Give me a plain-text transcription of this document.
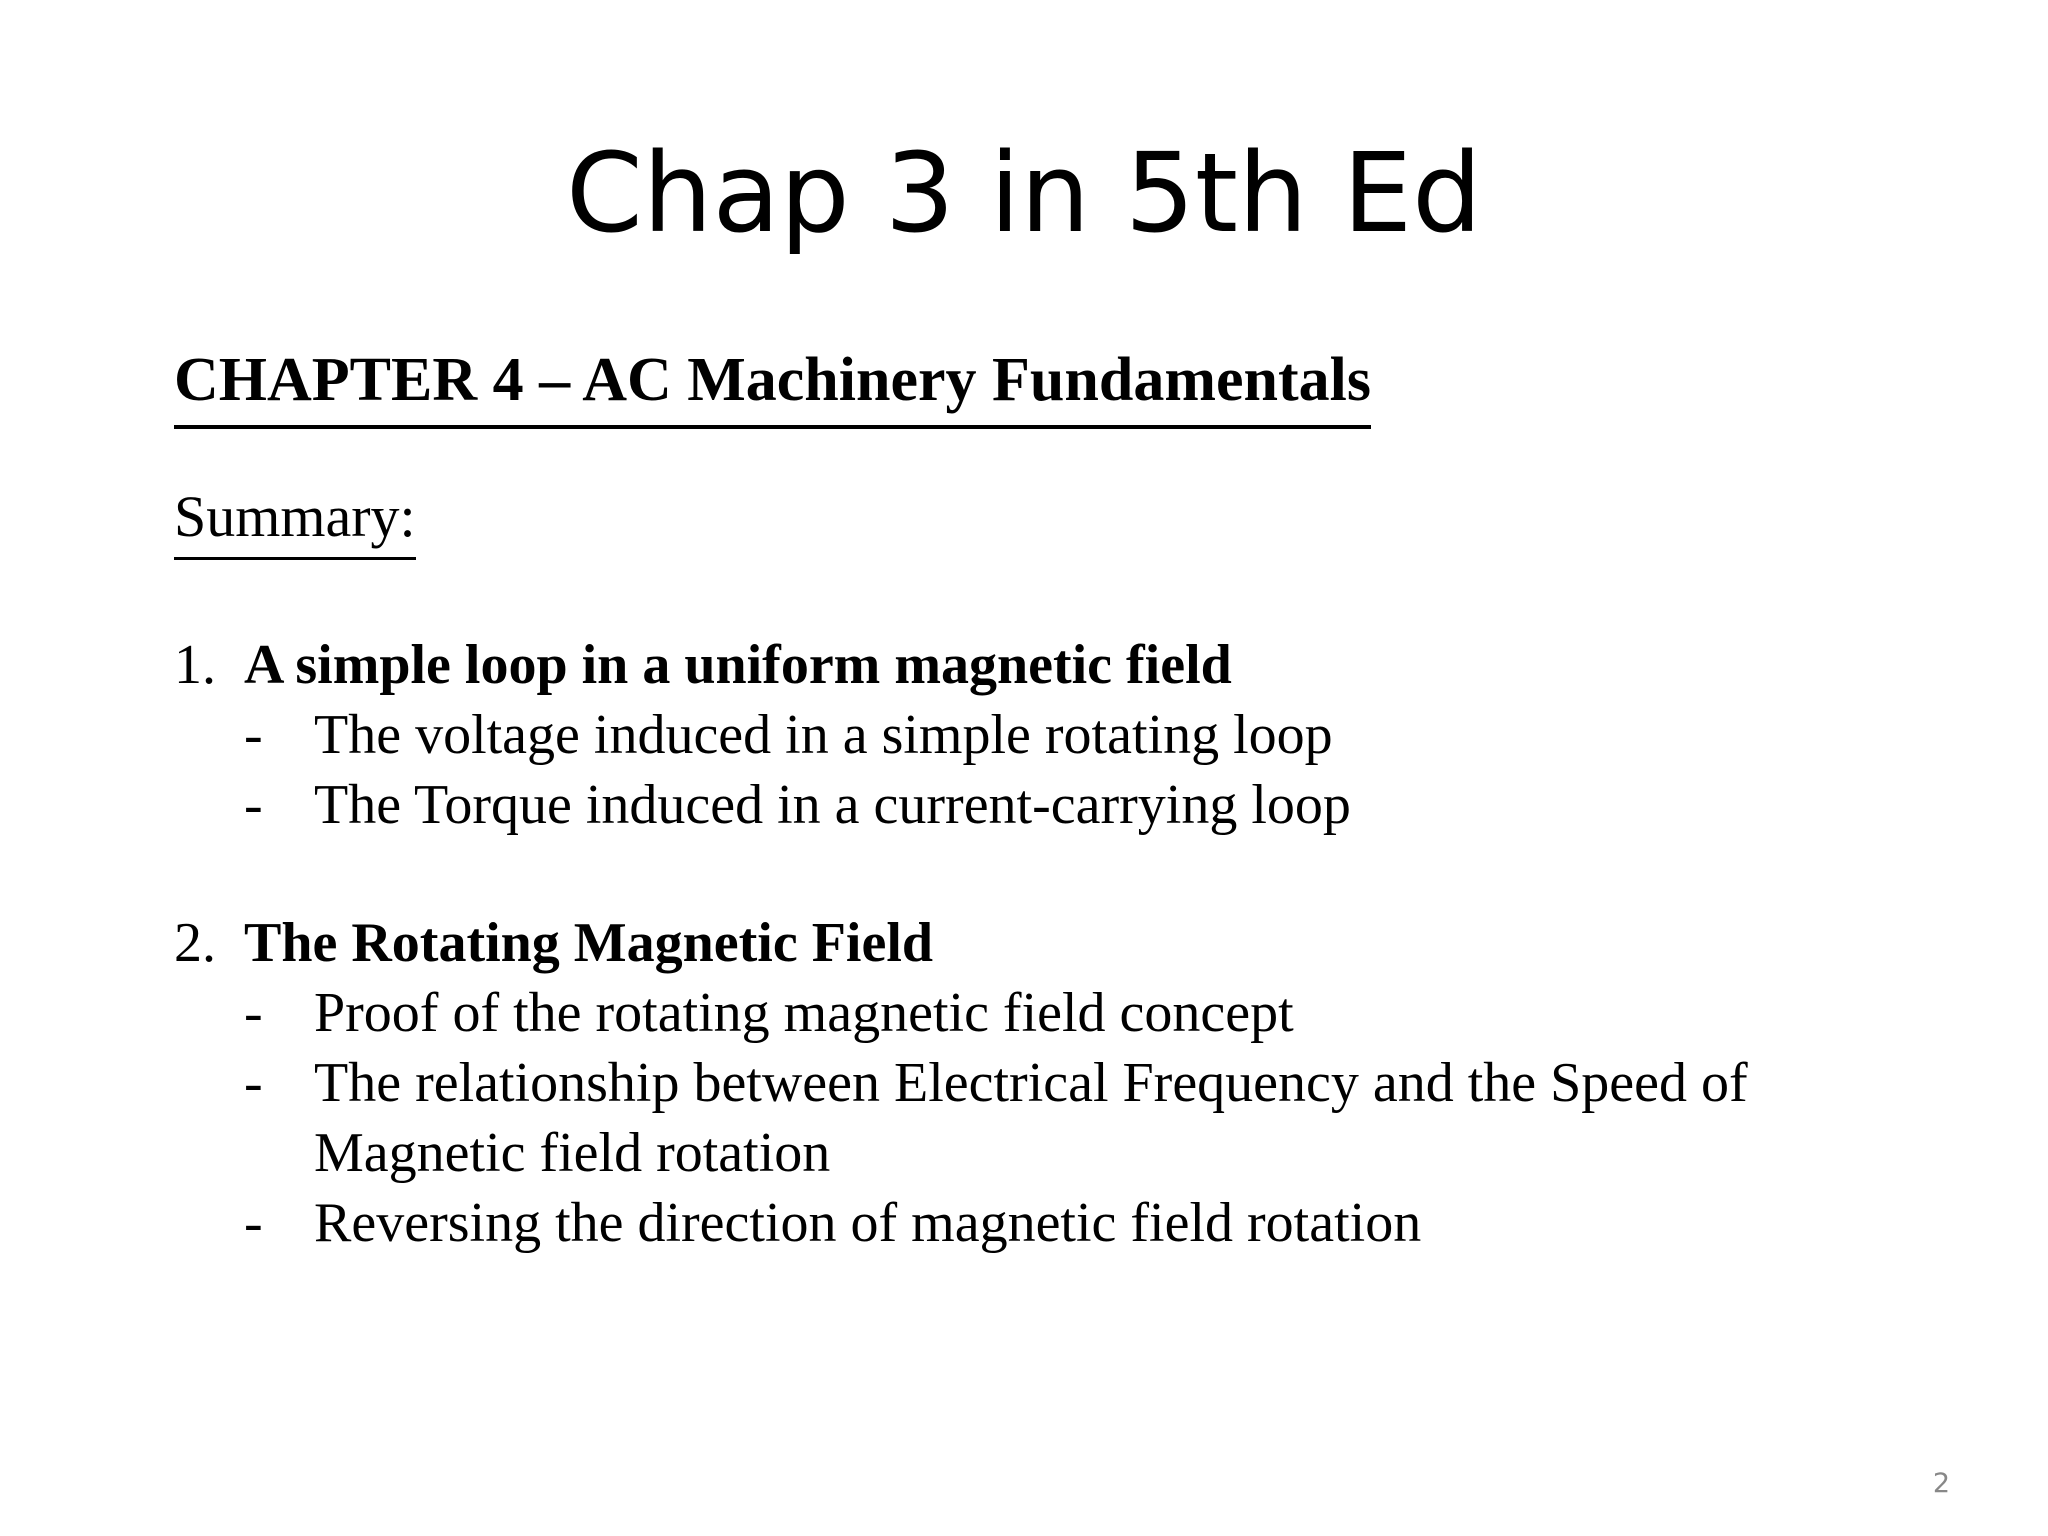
Chap 3 in 5th Ed
CHAPTER 4 – AC Machinery Fundamentals
Summary:
1. A simple loop in a uniform magnetic field
- The voltage induced in a simple rotating loop
- The Torque induced in a current-carrying loop
2. The Rotating Magnetic Field
- Proof of the rotating magnetic field concept
- The relationship between Electrical Frequency and the Speed of Magnetic field rotation
- Reversing the direction of magnetic field rotation
2
